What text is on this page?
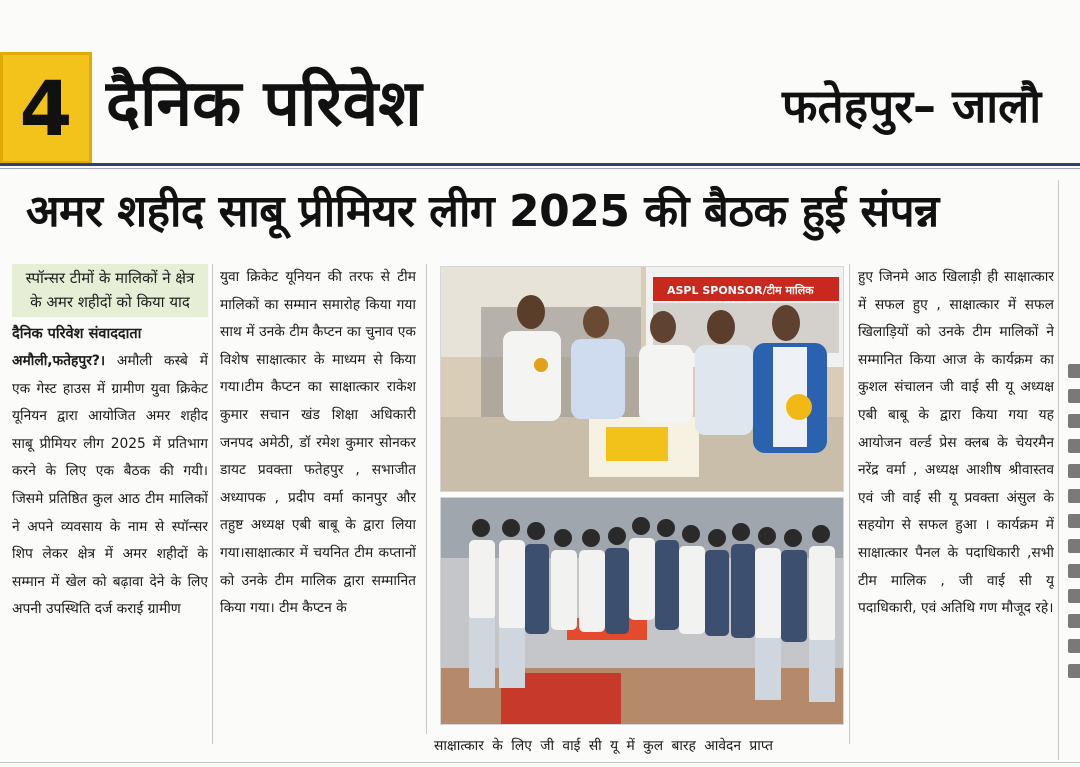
4 दैनिक परिवेश	फतेहपुर– जालौ
अमर शहीद साबू प्रीमियर लीग 2025 की बैठक हुई संपन्न
स्पॉन्सर टीमों के मालिकों ने क्षेत्र के अमर शहीदों को किया याद
दैनिक परिवेश संवाददाता

अमौली,फतेहपुर?। अमौली कस्बे में एक गेस्ट हाउस में ग्रामीण युवा क्रिकेट यूनियन द्वारा आयोजित अमर शहीद साबू प्रीमियर लीग 2025 में प्रतिभाग करने के लिए एक बैठक की गयी।जिसमे प्रतिष्ठित कुल आठ टीम मालिकों ने अपने व्यवसाय के नाम से स्पॉन्सर शिप लेकर क्षेत्र में अमर शहीदों के सम्मान में खेल को बढ़ावा देने के लिए अपनी उपस्थिति दर्ज कराई ग्रामीण

युवा क्रिकेट यूनियन की तरफ से टीम मालिकों का सम्मान समारोह किया गया साथ में उनके टीम कैप्टन का चुनाव एक विशेष साक्षात्कार के माध्यम से किया गया।टीम कैप्टन का साक्षात्कार राकेश कुमार सचान खंड शिक्षा अधिकारी जनपद अमेठी, डॉ रमेश कुमार सोनकर डायट प्रवक्ता फतेहपुर , सभाजीत अध्यापक , प्रदीप वर्मा कानपुर और तहुष्ट अध्यक्ष एबी बाबू के द्वारा लिया गया।साक्षात्कार में चयनित टीम कप्तानों को उनके टीम मालिक द्वारा सम्मानित किया गया। टीम कैप्टन के

ASPL SPONSOR/टीम मालिक
साक्षात्कार के लिए जी वाई सी यू में कुल बारह आवेदन प्राप्त

हुए जिनमे आठ खिलाड़ी ही साक्षात्कार में सफल हुए , साक्षात्कार में सफल खिलाड़ियों को उनके टीम मालिकों ने सम्मानित किया आज के कार्यक्रम का कुशल संचालन जी वाई सी यू अध्यक्ष एबी बाबू के द्वारा किया गया यह आयोजन वर्ल्ड प्रेस क्लब के चेयरमैन नरेंद्र वर्मा , अध्यक्ष आशीष श्रीवास्तव एवं जी वाई सी यू प्रवक्ता अंसुल के सहयोग से सफल हुआ । कार्यक्रम में साक्षात्कार पैनल के पदाधिकारी ,सभी टीम मालिक , जी वाई सी यू पदाधिकारी, एवं अतिथि गण मौजूद रहे।
